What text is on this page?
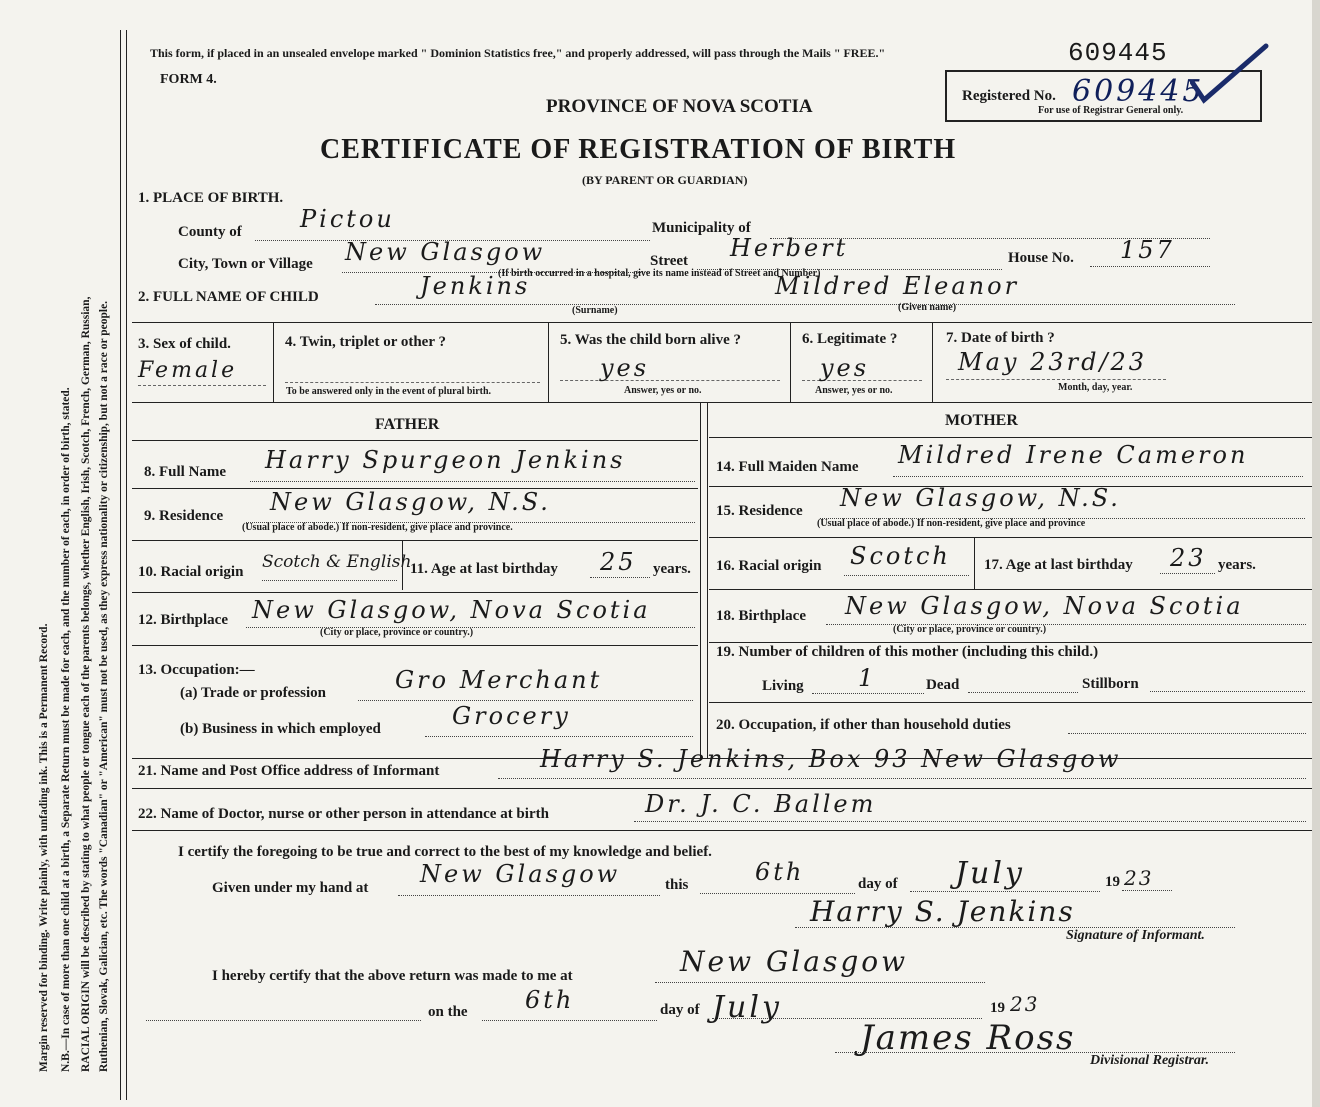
Margin reserved for binding. Write plainly, with unfading ink. This is a Permanent Record. N.B.—In case of more than one child at a birth, a Separate Return must be made for each, and the number of each, in order of birth, stated. RACIAL ORIGIN will be described by stating to what people or tongue each of the parents belongs, whether English, Irish, Scotch, French, German, Russian, Ruthenian, Slovak, Galician, etc. The words "Canadian" or "American" must not be used, as they express nationality or citizenship, but not a race or people.
This form, if placed in an unsealed envelope marked " Dominion Statistics free," and properly addressed, will pass through the Mails " FREE."	609445
FORM 4.
PROVINCE OF NOVA SCOTIA	Registered No. 609445
For use of Registrar General only.
CERTIFICATE OF REGISTRATION OF BIRTH
(BY PARENT OR GUARDIAN)
1. PLACE OF BIRTH.
County of Pictou	Municipality of
City, Town or Village New Glasgow	Street Herbert	House No. 157
(If birth occurred in a hospital, give its name instead of Street and Number)
2. FULL NAME OF CHILD	Jenkins	Mildred Eleanor
(Surname)	(Given name)
3. Sex of child.
Female
4. Twin, triplet or other ?
To be answered only in the event of plural birth.
5. Was the child born alive ?
yes
Answer, yes or no.
6. Legitimate ?
yes
Answer, yes or no.
7. Date of birth ?
May 23rd/23
Month, day, year.
FATHER	MOTHER
8. Full Name Harry Spurgeon Jenkins	14. Full Maiden Name Mildred Irene Cameron
9. Residence New Glasgow, N.S.
(Usual place of abode.) If non-resident, give place and province.
15. Residence New Glasgow, N.S.
(Usual place of abode.) If non-resident, give place and province
10. Racial origin Scotch & English
11. Age at last birthday 25 years. 16. Racial origin Scotch 17. Age at last birthday 23 years.
12. Birthplace New Glasgow, Nova Scotia
(City or place, province or country.)
18. Birthplace New Glasgow, Nova Scotia
(City or place, province or country.)
13. Occupation:—
(a) Trade or profession	Gro Merchant
(b) Business in which employed	Grocery
19. Number of children of this mother (including this child.)
Living 1	Dead	Stillborn
20. Occupation, if other than household duties
21. Name and Post Office address of Informant	Harry S. Jenkins, Box 93 New Glasgow
22. Name of Doctor, nurse or other person in attendance at birth	Dr. J. C. Ballem
I certify the foregoing to be true and correct to the best of my knowledge and belief.
Given under my hand at New Glasgow	this	6th	day of July	19 23
Harry S. Jenkins
Signature of Informant.
I hereby certify that the above return was made to me at	New Glasgow
on the 6th	day of July	19 23
James Ross
Divisional Registrar.
